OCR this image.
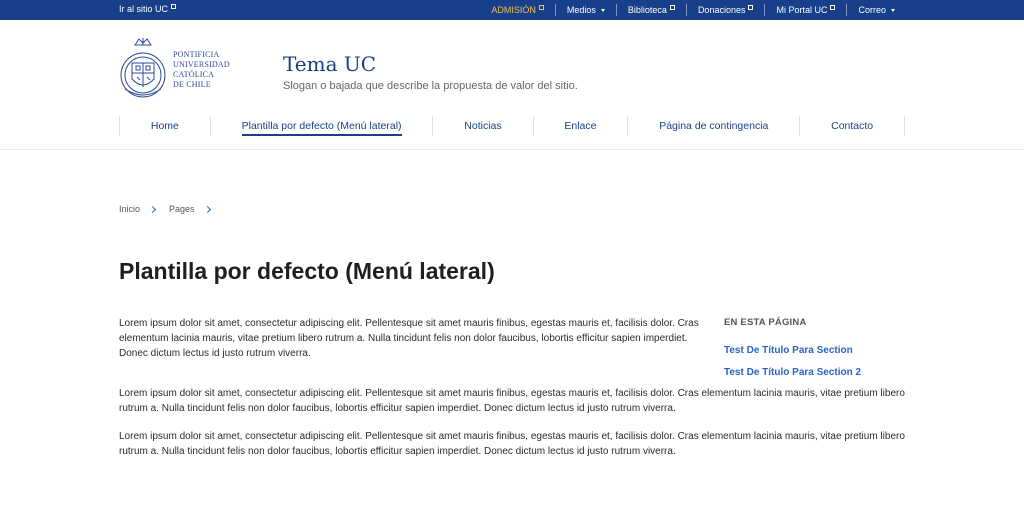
Ir al sitio UC	ADMISIÓN	Medios	Biblioteca	Donaciones	Mi Portal UC	Correo
PONTIFICIA
UNIVERSIDAD
CATÓLICA
DE CHILE
Tema UC
Slogan o bajada que describe la propuesta de valor del sitio.
Home	Plantilla por defecto (Menú lateral)	Noticias	Enlace	Página de contingencia	Contacto
Inicio	Pages
Plantilla por defecto (Menú lateral)

Lorem ipsum dolor sit amet, consectetur adipiscing elit. Pellentesque sit amet mauris finibus, egestas mauris et, facilisis dolor. Cras elementum lacinia mauris, vitae pretium libero rutrum a. Nulla tincidunt felis non dolor faucibus, lobortis efficitur sapien imperdiet. Donec dictum lectus id justo rutrum viverra.

Lorem ipsum dolor sit amet, consectetur adipiscing elit. Pellentesque sit amet mauris finibus, egestas mauris et, facilisis dolor. Cras elementum lacinia mauris, vitae pretium libero rutrum a. Nulla tincidunt felis non dolor faucibus, lobortis efficitur sapien imperdiet. Donec dictum lectus id justo rutrum viverra.

Lorem ipsum dolor sit amet, consectetur adipiscing elit. Pellentesque sit amet mauris finibus, egestas mauris et, facilisis dolor. Cras elementum lacinia mauris, vitae pretium libero rutrum a. Nulla tincidunt felis non dolor faucibus, lobortis efficitur sapien imperdiet. Donec dictum lectus id justo rutrum viverra.

EN ESTA PÁGINA
Test De Título Para Section
Test De Título Para Section 2
